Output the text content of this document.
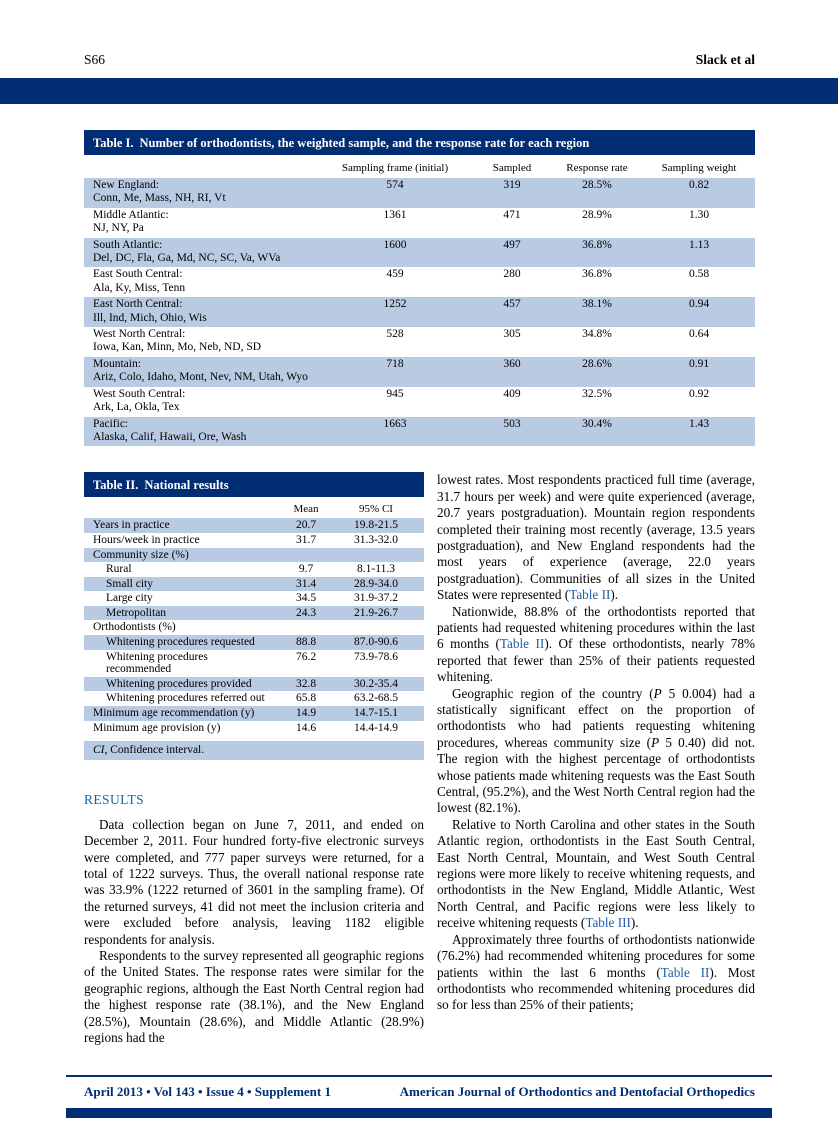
S66	Slack et al
Table I. Number of orthodontists, the weighted sample, and the response rate for each region
Sampling frame (initial)	Sampled	Response rate	Sampling weight
New England:	574	319	28.5%	0.82
Conn, Me, Mass, NH, RI, Vt
Middle Atlantic:	1361	471	28.9%	1.30
NJ, NY, Pa
South Atlantic:	1600	497	36.8%	1.13
Del, DC, Fla, Ga, Md, NC, SC, Va, WVa
East South Central:	459	280	36.8%	0.58
Ala, Ky, Miss, Tenn
East North Central:	1252	457	38.1%	0.94
Ill, Ind, Mich, Ohio, Wis
West North Central:	528	305	34.8%	0.64
Iowa, Kan, Minn, Mo, Neb, ND, SD
Mountain:	718	360	28.6%	0.91
Ariz, Colo, Idaho, Mont, Nev, NM, Utah, Wyo
West South Central:	945	409	32.5%	0.92
Ark, La, Okla, Tex
Pacific:	1663	503	30.4%	1.43
Alaska, Calif, Hawaii, Ore, Wash
Table II. National results
Mean	95% CI
Years in practice	20.7	19.8-21.5
Hours/week in practice	31.7	31.3-32.0
Community size (%)
Rural	9.7	8.1-11.3
Small city	31.4	28.9-34.0
Large city	34.5	31.9-37.2
Metropolitan	24.3	21.9-26.7
Orthodontists (%)
Whitening procedures requested	88.8	87.0-90.6
Whitening procedures recommended
76.2	73.9-78.6
Whitening procedures provided	32.8	30.2-35.4
Whitening procedures referred out	65.8	63.2-68.5
Minimum age recommendation (y)	14.9	14.7-15.1
Minimum age provision (y)	14.6	14.4-14.9
CI, Confidence interval.
RESULTS

Data collection began on June 7, 2011, and ended on December 2, 2011. Four hundred forty-five electronic surveys were completed, and 777 paper surveys were returned, for a total of 1222 surveys. Thus, the overall national response rate was 33.9% (1222 returned of 3601 in the sampling frame). Of the returned surveys, 41 did not meet the inclusion criteria and were excluded before analysis, leaving 1182 eligible respondents for analysis.

Respondents to the survey represented all geographic regions of the United States. The response rates were similar for the geographic regions, although the East North Central region had the highest response rate (38.1%), and the New England (28.5%), Mountain (28.6%), and Middle Atlantic (28.9%) regions had the

lowest rates. Most respondents practiced full time (average, 31.7 hours per week) and were quite experienced (average, 20.7 years postgraduation). Mountain region respondents completed their training most recently (average, 13.5 years postgraduation), and New England respondents had the most years of experience (average, 22.0 years postgraduation). Communities of all sizes in the United States were represented (Table II).

Nationwide, 88.8% of the orthodontists reported that patients had requested whitening procedures within the last 6 months (Table II). Of these orthodontists, nearly 78% reported that fewer than 25% of their patients requested whitening.

Geographic region of the country (P 5 0.004) had a statistically significant effect on the proportion of orthodontists who had patients requesting whitening procedures, whereas community size (P 5 0.40) did not. The region with the highest percentage of orthodontists whose patients made whitening requests was the East South Central, (95.2%), and the West North Central region had the lowest (82.1%).

Relative to North Carolina and other states in the South Atlantic region, orthodontists in the East South Central, East North Central, Mountain, and West South Central regions were more likely to receive whitening requests, and orthodontists in the New England, Middle Atlantic, West North Central, and Pacific regions were less likely to receive whitening requests (Table III).

Approximately three fourths of orthodontists nationwide (76.2%) had recommended whitening procedures for some patients within the last 6 months (Table II). Most orthodontists who recommended whitening procedures did so for less than 25% of their patients;

April 2013 • Vol 143 • Issue 4 • Supplement 1	American Journal of Orthodontics and Dentofacial Orthopedics
